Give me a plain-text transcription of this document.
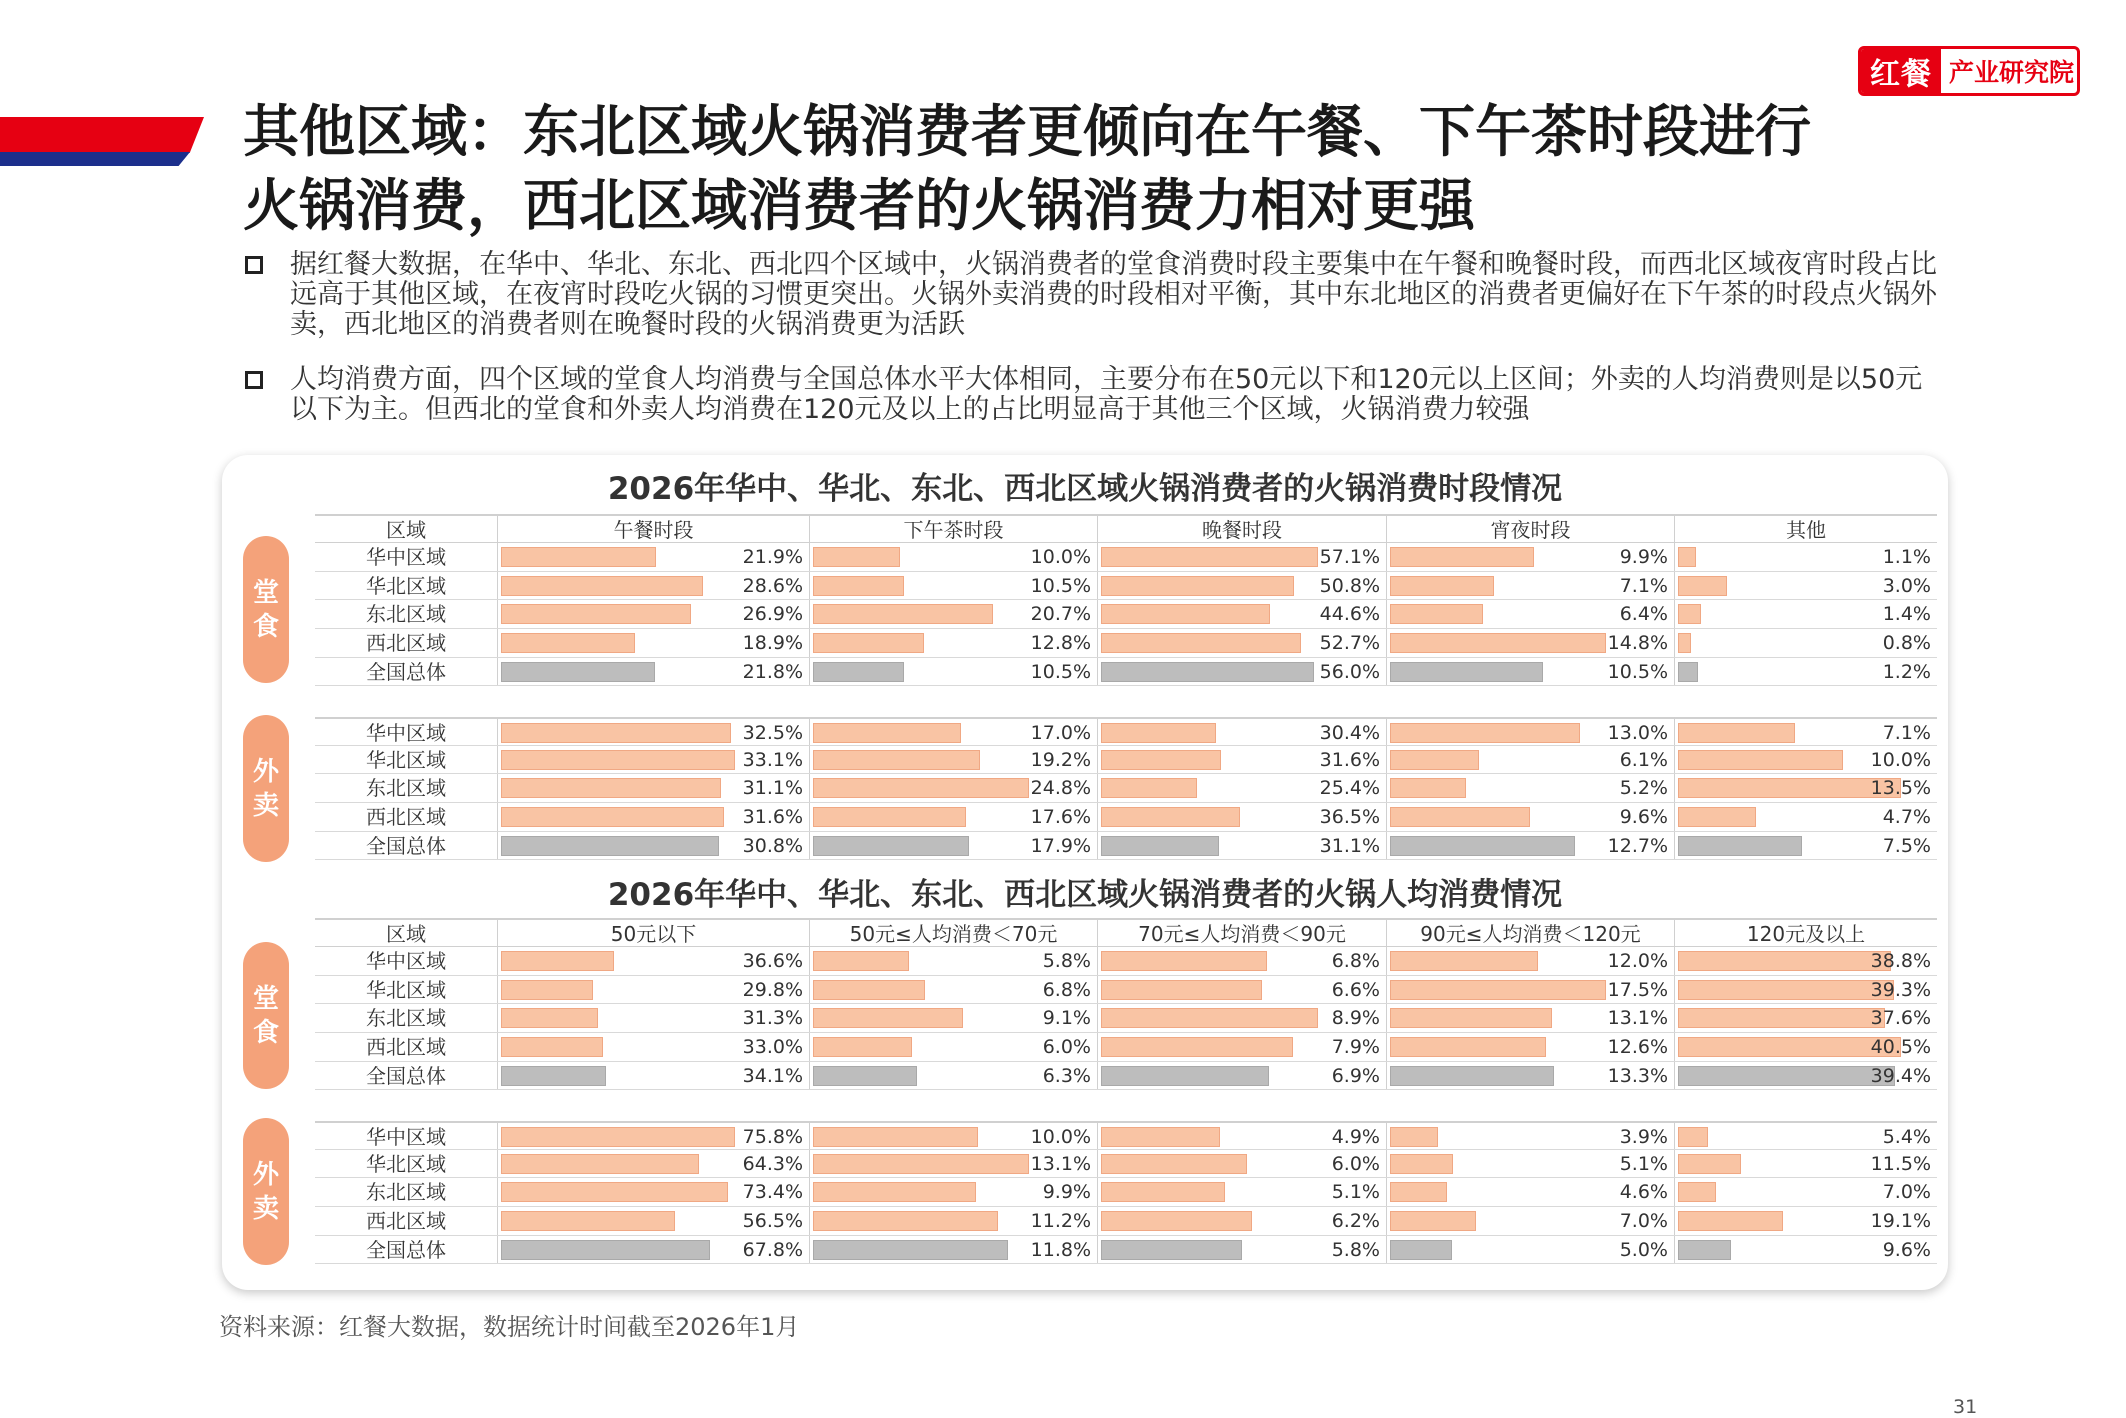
红餐 产业研究院
其他区域：东北区域火锅消费者更倾向在午餐、下午茶时段进行
火锅消费，西北区域消费者的火锅消费力相对更强
据红餐大数据，在华中、华北、东北、西北四个区域中，火锅消费者的堂食消费时段主要集中在午餐和晚餐时段，而西北区域夜宵时段占比远高于其他区域，在夜宵时段吃火锅的习惯更突出。火锅外卖消费的时段相对平衡，其中东北地区的消费者更偏好在下午茶的时段点火锅外卖，西北地区的消费者则在晚餐时段的火锅消费更为活跃
人均消费方面，四个区域的堂食人均消费与全国总体水平大体相同，主要分布在50元以下和120元以上区间；外卖的人均消费则是以50元以下为主。但西北的堂食和外卖人均消费在120元及以上的占比明显高于其他三个区域，火锅消费力较强
2026年华中、华北、东北、西北区域火锅消费者的火锅消费时段情况
区域	午餐时段	下午茶时段	晚餐时段	宵夜时段	其他
堂
食
华中区域	21.9%	10.0%	57.1%	9.9%	1.1%
华北区域	28.6%	10.5%	50.8%	7.1%	3.0%
东北区域	26.9%	20.7%	44.6%	6.4%	1.4%
西北区域	18.9%	12.8%	52.7%	14.8%	0.8%
全国总体	21.8%	10.5%	56.0%	10.5%	1.2%
外
卖
华中区域	32.5%	17.0%	30.4%	13.0%	7.1%
华北区域	33.1%	19.2%	31.6%	6.1%	10.0%
东北区域	31.1%	24.8%	25.4%	5.2%	13.5%
西北区域	31.6%	17.6%	36.5%	9.6%	4.7%
全国总体	30.8%	17.9%	31.1%	12.7%	7.5%
2026年华中、华北、东北、西北区域火锅消费者的火锅人均消费情况
区域	50元以下	50元≤人均消费＜70元	70元≤人均消费＜90元	90元≤人均消费＜120元	120元及以上
堂
食
华中区域	36.6%	5.8%	6.8%	12.0%	38.8%
华北区域	29.8%	6.8%	6.6%	17.5%	39.3%
东北区域	31.3%	9.1%	8.9%	13.1%	37.6%
西北区域	33.0%	6.0%	7.9%	12.6%	40.5%
全国总体	34.1%	6.3%	6.9%	13.3%	39.4%
外
卖
华中区域	75.8%	10.0%	4.9%	3.9%	5.4%
华北区域	64.3%	13.1%	6.0%	5.1%	11.5%
东北区域	73.4%	9.9%	5.1%	4.6%	7.0%
西北区域	56.5%	11.2%	6.2%	7.0%	19.1%
全国总体	67.8%	11.8%	5.8%	5.0%	9.6%
资料来源：红餐大数据，数据统计时间截至2026年1月
31
